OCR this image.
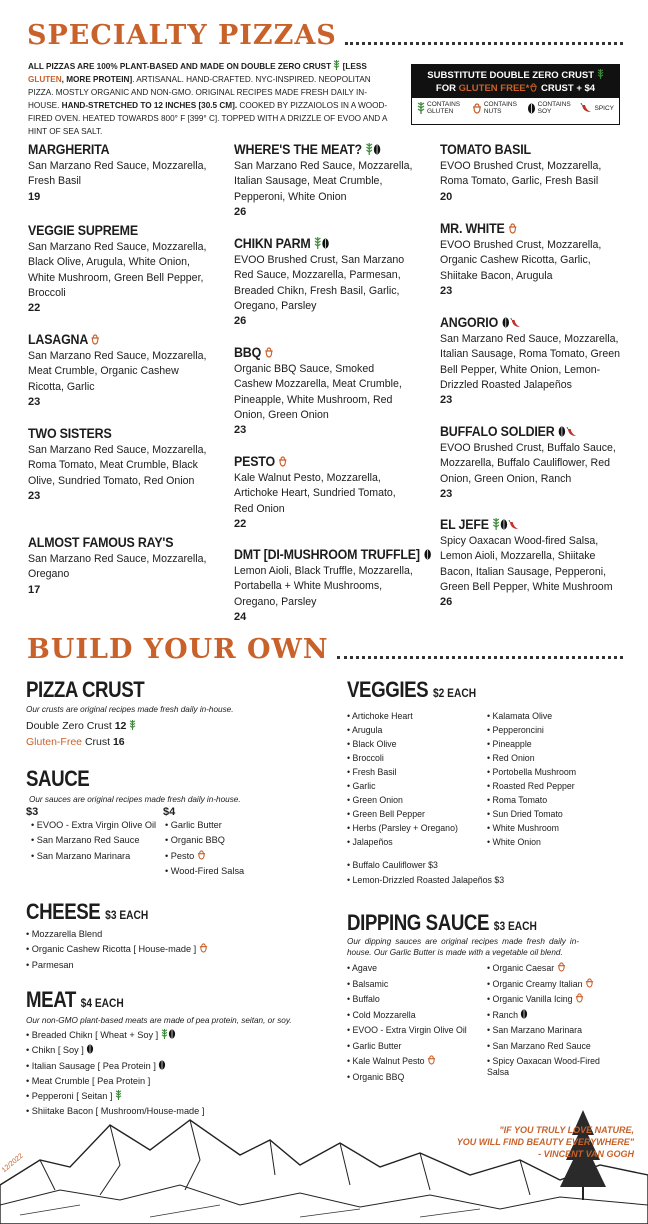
SPECIALTY PIZZAS
ALL PIZZAS ARE 100% PLANT-BASED AND MADE ON DOUBLE ZERO CRUST  [LESS GLUTEN, MORE PROTEIN]. ARTISANAL. HAND-CRAFTED. NYC-INSPIRED. NEOPOLITAN PIZZA. MOSTLY ORGANIC AND NON-GMO. ORIGINAL RECIPES MADE FRESH DAILY IN-HOUSE. HAND-STRETCHED TO 12 INCHES [30.5 CM]. COOKED BY PIZZAIOLOS IN A WOOD-FIRED OVEN. HEATED TOWARDS 800° F [399° C]. TOPPED WITH A DRIZZLE OF EVOO AND A HINT OF SEA SALT.
SUBSTITUTE DOUBLE ZERO CRUST
FOR GLUTEN FREE* CRUST + $4
CONTAINS GLUTEN
CONTAINS NUTS
CONTAINS SOY	SPICY
MARGHERITA
San Marzano Red Sauce, Mozzarella, Fresh Basil
19
VEGGIE SUPREME
San Marzano Red Sauce, Mozzarella, Black Olive, Arugula, White Onion, White Mushroom, Green Bell Pepper, Broccoli
22
LASAGNA
San Marzano Red Sauce, Mozzarella, Meat Crumble, Organic Cashew Ricotta, Garlic
23
TWO SISTERS
San Marzano Red Sauce, Mozzarella, Roma Tomato, Meat Crumble, Black Olive, Sundried Tomato, Red Onion
23
ALMOST FAMOUS RAY'S
San Marzano Red Sauce, Mozzarella, Oregano
17
WHERE'S THE MEAT?
San Marzano Red Sauce, Mozzarella, Italian Sausage, Meat Crumble, Pepperoni, White Onion
26
CHIKN PARM
EVOO Brushed Crust, San Marzano Red Sauce, Mozzarella, Parmesan, Breaded Chikn, Fresh Basil, Garlic, Oregano, Parsley
26
BBQ
Organic BBQ Sauce, Smoked Cashew Mozzarella, Meat Crumble, Pineapple, White Mushroom, Red Onion, Green Onion
23
PESTO
Kale Walnut Pesto, Mozzarella, Artichoke Heart, Sundried Tomato, Red Onion
22
DMT [DI-MUSHROOM TRUFFLE]
Lemon Aioli, Black Truffle, Mozzarella, Portabella + White Mushrooms, Oregano, Parsley
24
TOMATO BASIL
EVOO Brushed Crust, Mozzarella, Roma Tomato, Garlic, Fresh Basil
20
MR. WHITE
EVOO Brushed Crust, Mozzarella, Organic Cashew Ricotta, Garlic, Shiitake Bacon, Arugula
23
ANGORIO
San Marzano Red Sauce, Mozzarella, Italian Sausage, Roma Tomato, Green Bell Pepper, White Onion, Lemon-Drizzled Roasted Jalapeños
23
BUFFALO SOLDIER
EVOO Brushed Crust, Buffalo Sauce, Mozzarella, Buffalo Cauliflower, Red Onion, Green Onion, Ranch
23
EL JEFE
Spicy Oaxacan Wood-fired Salsa, Lemon Aioli, Mozzarella, Shiitake Bacon, Italian Sausage, Pepperoni, Green Bell Pepper, White Mushroom
26
BUILD YOUR OWN
PIZZA CRUST
Our crusts are original recipes made fresh daily in-house.
Double Zero Crust 12
Gluten-Free Crust 16
SAUCE
Our sauces are original recipes made fresh daily in-house.
$3
• EVOO - Extra Virgin Olive Oil
• San Marzano Red Sauce
• San Marzano Marinara
$4
• Garlic Butter
• Organic BBQ
• Pesto
• Wood-Fired Salsa
CHEESE $3 EACH
• Mozzarella Blend
• Organic Cashew Ricotta [ House-made ]
• Parmesan
MEAT $4 EACH
Our non-GMO plant-based meats are made of pea protein, seitan, or soy.
• Breaded Chikn [ Wheat + Soy ]
• Chikn [ Soy ]
• Italian Sausage [ Pea Protein ]
• Meat Crumble [ Pea Protein ]
• Pepperoni [ Seitan ]
• Shiitake Bacon [ Mushroom/House-made ]
VEGGIES $2 EACH
• Artichoke Heart
• Arugula
• Black Olive
• Broccoli
• Fresh Basil
• Garlic
• Green Onion
• Green Bell Pepper
• Herbs (Parsley + Oregano)
• Jalapeños
• Kalamata Olive
• Pepperoncini
• Pineapple
• Red Onion
• Portobella Mushroom
• Roasted Red Pepper
• Roma Tomato
• Sun Dried Tomato
• White Mushroom
• White Onion
• Buffalo Cauliflower $3
• Lemon-Drizzled Roasted Jalapeños $3
DIPPING SAUCE $3 EACH
Our dipping sauces are original recipes made fresh daily in-house. Our Garlic Butter is made with a vegetable oil blend.
• Agave
• Balsamic
• Buffalo
• Cold Mozzarella
• EVOO - Extra Virgin Olive Oil
• Garlic Butter
• Kale Walnut Pesto
• Organic BBQ
• Organic Caesar
• Organic Creamy Italian
• Organic Vanilla Icing
• Ranch
• San Marzano Marinara
• San Marzano Red Sauce
• Spicy Oaxacan Wood-Fired Salsa
"IF YOU TRULY LOVE NATURE,
YOU WILL FIND BEAUTY EVERYWHERE"
- VINCENT VAN GOGH
12/2022
